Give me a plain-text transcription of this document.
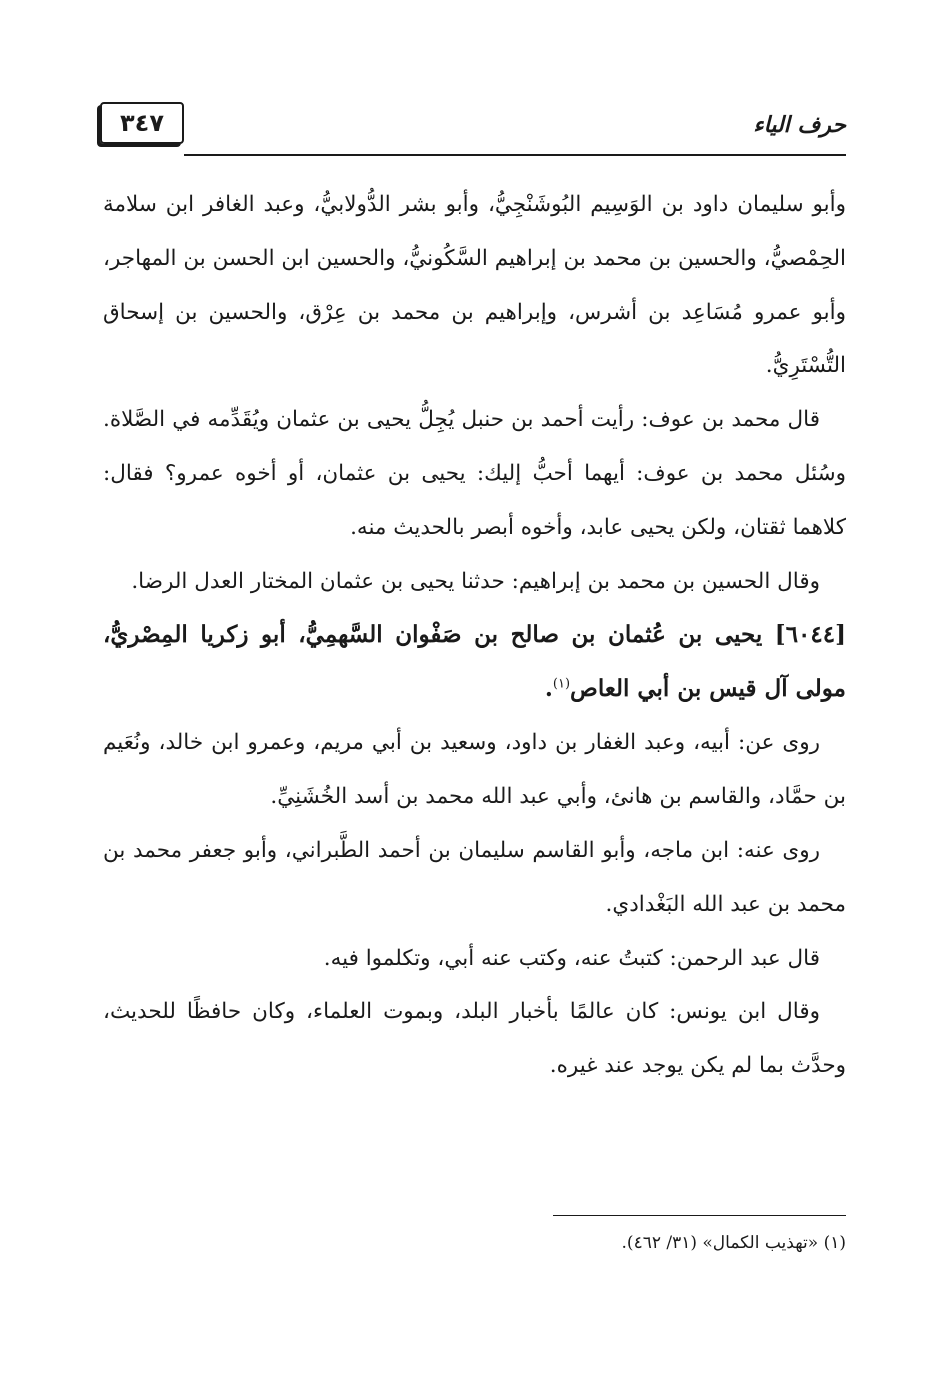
٣٤٧	حرف الياء

وأبو سليمان داود بن الوَسِيم البُوشَنْجِيُّ، وأبو بشر الدُّولابيُّ، وعبد الغافر ابن سلامة الحِمْصيُّ، والحسين بن محمد بن إبراهيم السَّكُونيُّ، والحسين ابن الحسن بن المهاجر، وأبو عمرو مُسَاعِد بن أشرس، وإبراهيم بن محمد بن عِرْق، والحسين بن إسحاق التُّسْتَرِيُّ.

قال محمد بن عوف: رأيت أحمد بن حنبل يُجِلُّ يحيى بن عثمان ويُقَدِّمه في الصَّلاة. وسُئل محمد بن عوف: أيهما أحبُّ إليك: يحيى بن عثمان، أو أخوه عمرو؟ فقال: كلاهما ثقتان، ولكن يحيى عابد، وأخوه أبصر بالحديث منه.

وقال الحسين بن محمد بن إبراهيم: حدثنا يحيى بن عثمان المختار العدل الرضا.

[٦٠٤٤] يحيى بن عُثمان بن صالح بن صَفْوان السَّهمِيُّ، أبو زكريا المِصْريُّ، مولى آل قيس بن أبي العاص$^{(١)}$.

روى عن: أبيه، وعبد الغفار بن داود، وسعيد بن أبي مريم، وعمرو ابن خالد، ونُعَيم بن حمَّاد، والقاسم بن هانئ، وأبي عبد الله محمد بن أسد الخُشَنِيِّ.

روى عنه: ابن ماجه، وأبو القاسم سليمان بن أحمد الطَّبراني، وأبو جعفر محمد بن محمد بن عبد الله البَغْدادي.

قال عبد الرحمن: كتبتُ عنه، وكتب عنه أبي، وتكلموا فيه.

وقال ابن يونس: كان عالمًا بأخبار البلد، وبموت العلماء، وكان حافظًا للحديث، وحدَّث بما لم يكن يوجد عند غيره.

(١) «تهذيب الكمال» (٣١/ ٤٦٢).
